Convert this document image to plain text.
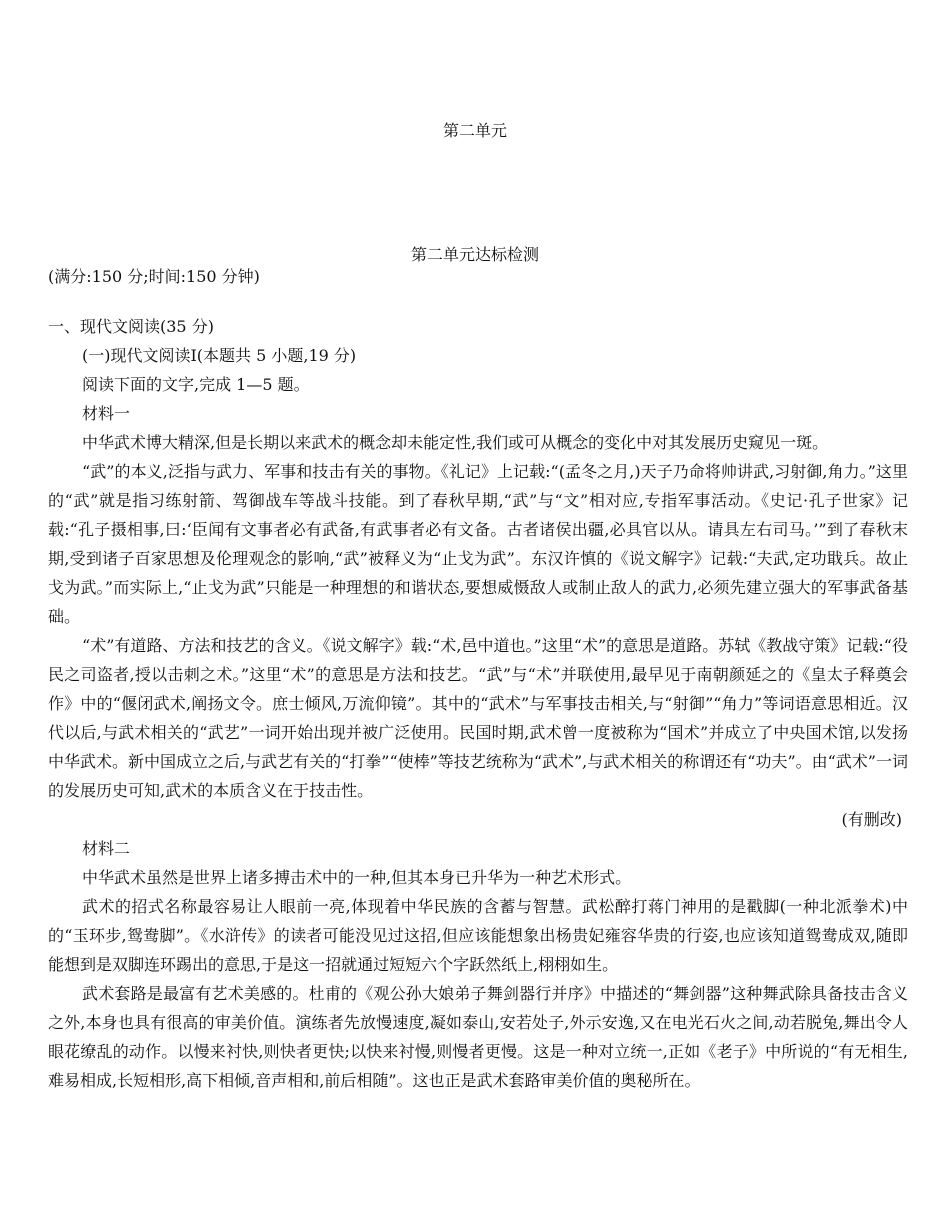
第二单元
第二单元达标检测

(满分:150 分;时间:150 分钟)

一、现代文阅读(35 分)

(一)现代文阅读Ⅰ(本题共 5 小题,19 分)

阅读下面的文字,完成 1—5 题。

材料一

中华武术博大精深,但是长期以来武术的概念却未能定性,我们或可从概念的变化中对其发展历史窥见一斑。

“武”的本义,泛指与武力、军事和技击有关的事物。《礼记》上记载:“(孟冬之月,)天子乃命将帅讲武,习射御,角力。”这里的“武”就是指习练射箭、驾御战车等战斗技能。到了春秋早期,“武”与“文”相对应,专指军事活动。《史记·孔子世家》记载:“孔子摄相事,曰:‘臣闻有文事者必有武备,有武事者必有文备。古者诸侯出疆,必具官以从。请具左右司马。’”到了春秋末期,受到诸子百家思想及伦理观念的影响,“武”被释义为“止戈为武”。东汉许慎的《说文解字》记载:“夫武,定功戢兵。故止戈为武。”而实际上,“止戈为武”只能是一种理想的和谐状态,要想威慑敌人或制止敌人的武力,必须先建立强大的军事武备基础。

“术”有道路、方法和技艺的含义。《说文解字》载:“术,邑中道也。”这里“术”的意思是道路。苏轼《教战守策》记载:“役民之司盗者,授以击刺之术。”这里“术”的意思是方法和技艺。“武”与“术”并联使用,最早见于南朝颜延之的《皇太子释奠会作》中的“偃闭武术,阐扬文令。庶士倾风,万流仰镜”。其中的“武术”与军事技击相关,与“射御”“角力”等词语意思相近。汉代以后,与武术相关的“武艺”一词开始出现并被广泛使用。民国时期,武术曾一度被称为“国术”并成立了中央国术馆,以发扬中华武术。新中国成立之后,与武艺有关的“打拳”“使棒”等技艺统称为“武术”,与武术相关的称谓还有“功夫”。由“武术”一词的发展历史可知,武术的本质含义在于技击性。

(有删改)

材料二

中华武术虽然是世界上诸多搏击术中的一种,但其本身已升华为一种艺术形式。

武术的招式名称最容易让人眼前一亮,体现着中华民族的含蓄与智慧。武松醉打蒋门神用的是戳脚(一种北派拳术)中的“玉环步,鸳鸯脚”。《水浒传》的读者可能没见过这招,但应该能想象出杨贵妃雍容华贵的行姿,也应该知道鸳鸯成双,随即能想到是双脚连环踢出的意思,于是这一招就通过短短六个字跃然纸上,栩栩如生。

武术套路是最富有艺术美感的。杜甫的《观公孙大娘弟子舞剑器行并序》中描述的“舞剑器”这种舞武除具备技击含义之外,本身也具有很高的审美价值。演练者先放慢速度,凝如泰山,安若处子,外示安逸,又在电光石火之间,动若脱兔,舞出令人眼花缭乱的动作。以慢来衬快,则快者更快;以快来衬慢,则慢者更慢。这是一种对立统一,正如《老子》中所说的“有无相生,难易相成,长短相形,高下相倾,音声相和,前后相随”。这也正是武术套路审美价值的奥秘所在。
